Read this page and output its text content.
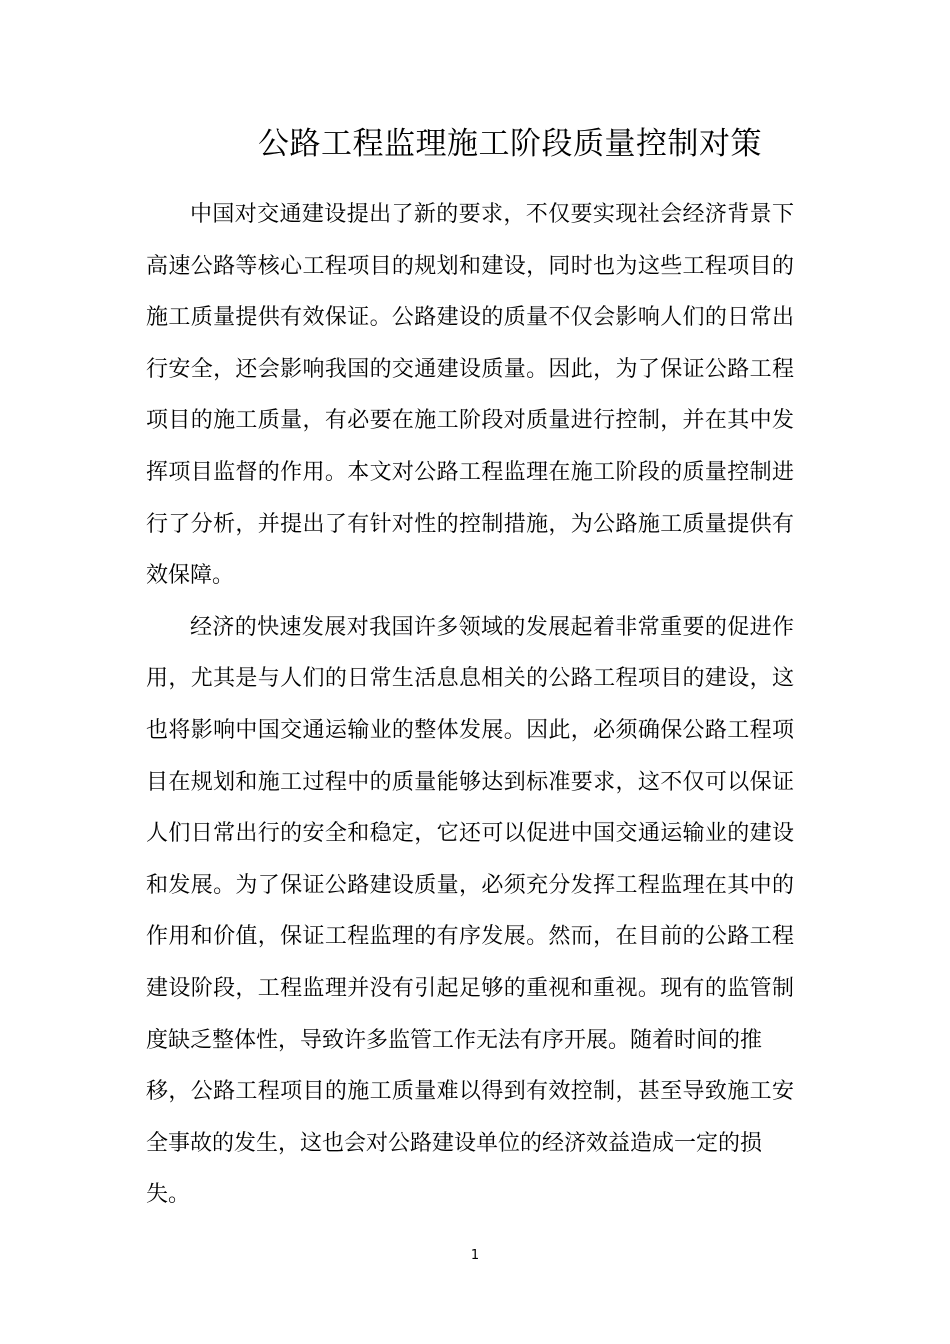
公路工程监理施工阶段质量控制对策
中国对交通建设提出了新的要求，不仅要实现社会经济背景下
高速公路等核心工程项目的规划和建设，同时也为这些工程项目的
施工质量提供有效保证。公路建设的质量不仅会影响人们的日常出
行安全，还会影响我国的交通建设质量。因此，为了保证公路工程
项目的施工质量，有必要在施工阶段对质量进行控制，并在其中发
挥项目监督的作用。本文对公路工程监理在施工阶段的质量控制进
行了分析，并提出了有针对性的控制措施，为公路施工质量提供有
效保障。
经济的快速发展对我国许多领域的发展起着非常重要的促进作
用，尤其是与人们的日常生活息息相关的公路工程项目的建设，这
也将影响中国交通运输业的整体发展。因此，必须确保公路工程项
目在规划和施工过程中的质量能够达到标准要求，这不仅可以保证
人们日常出行的安全和稳定，它还可以促进中国交通运输业的建设
和发展。为了保证公路建设质量，必须充分发挥工程监理在其中的
作用和价值，保证工程监理的有序发展。然而，在目前的公路工程
建设阶段，工程监理并没有引起足够的重视和重视。现有的监管制
度缺乏整体性，导致许多监管工作无法有序开展。随着时间的推
移，公路工程项目的施工质量难以得到有效控制，甚至导致施工安
全事故的发生，这也会对公路建设单位的经济效益造成一定的损
失。
1
